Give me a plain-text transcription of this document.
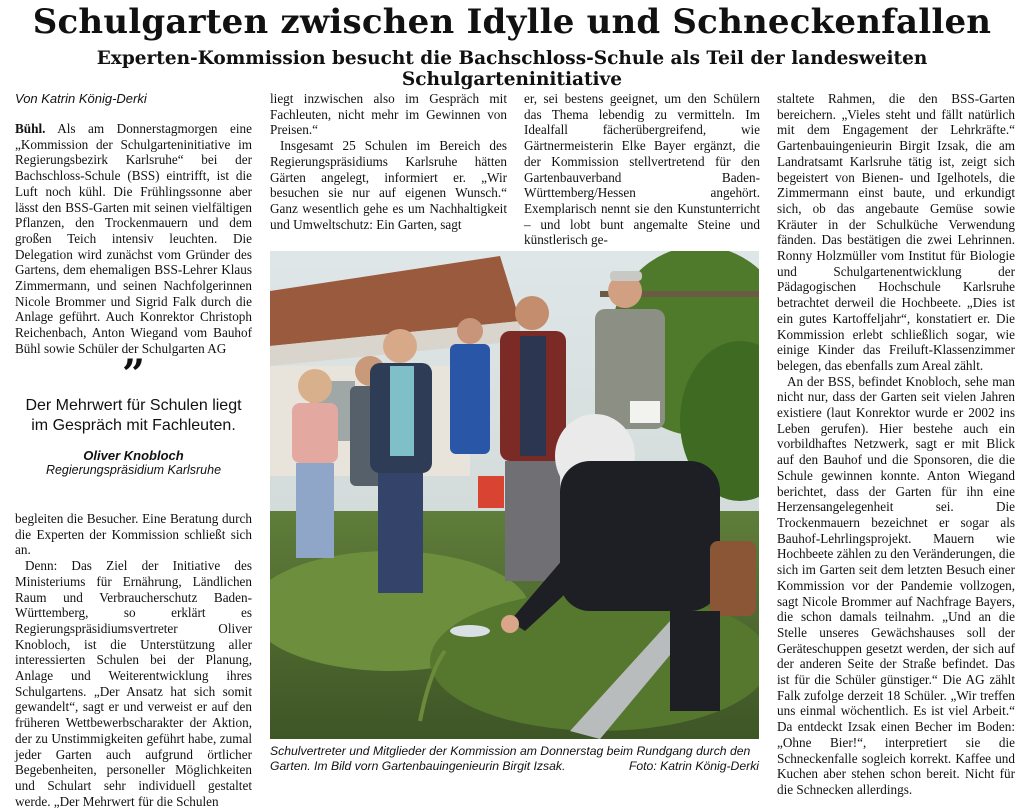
Schulgarten zwischen Idylle und Schneckenfallen
Experten-Kommission besucht die Bachschloss-Schule als Teil der landesweiten Schulgarteninitiative
Von Katrin König-Derki

Bühl. Als am Donnerstagmorgen eine „Kommission der Schulgarteninitiative im Regierungsbezirk Karlsruhe“ bei der Bachschloss-Schule (BSS) eintrifft, ist die Luft noch kühl. Die Frühlingssonne aber lässt den BSS-Garten mit seinen vielfältigen Pflanzen, den Trockenmauern und dem großen Teich intensiv leuchten. Die Delegation wird zunächst vom Gründer des Gartens, dem ehemaligen BSS-Lehrer Klaus Zimmermann, und seinen Nachfolgerinnen Nicole Brommer und Sigrid Falk durch die Anlage geführt. Auch Konrektor Christoph Reichenbach, Anton Wiegand vom Bauhof Bühl sowie Schüler der Schulgarten AG

”
Der Mehrwert für Schulen liegt im Gespräch mit Fachleuten.
Oliver Knobloch
Regierungspräsidium Karlsruhe

begleiten die Besucher. Eine Beratung durch die Experten der Kommission schließt sich an.

Denn: Das Ziel der Initiative des Ministeriums für Ernährung, Ländlichen Raum und Verbraucherschutz Baden-Württemberg, so erklärt es Regierungspräsidiumsvertreter Oliver Knobloch, ist die Unterstützung aller interessierten Schulen bei der Planung, Anlage und Weiterentwicklung ihres Schulgartens. „Der Ansatz hat sich somit gewandelt“, sagt er und verweist er auf den früheren Wettbewerbscharakter der Aktion, der zu Unstimmigkeiten geführt habe, zumal jeder Garten auch aufgrund örtlicher Begebenheiten, personeller Möglichkeiten und Schulart sehr individuell gestaltet werde. „Der Mehrwert für die Schulen

liegt inzwischen also im Gespräch mit Fachleuten, nicht mehr im Gewinnen von Preisen.“

Insgesamt 25 Schulen im Bereich des Regierungspräsidiums Karlsruhe hätten Gärten angelegt, informiert er. „Wir besuchen sie nur auf eigenen Wunsch.“ Ganz wesentlich gehe es um Nachhaltigkeit und Umweltschutz: Ein Garten, sagt

er, sei bestens geeignet, um den Schülern das Thema lebendig zu vermitteln. Im Idealfall fächerübergreifend, wie Gärtnermeisterin Elke Bayer ergänzt, die der Kommission stellvertretend für den Gartenbauverband Baden-Württemberg/Hessen angehört. Exemplarisch nennt sie den Kunstunterricht – und lobt bunt angemalte Steine und künstlerisch ge-

staltete Rahmen, die den BSS-Garten bereichern. „Vieles steht und fällt natürlich mit dem Engagement der Lehrkräfte.“ Gartenbauingenieurin Birgit Izsak, die am Landratsamt Karlsruhe tätig ist, zeigt sich begeistert von Bienen- und Igelhotels, die Zimmermann einst baute, und erkundigt sich, ob das angebaute Gemüse sowie Kräuter in der Schulküche Verwendung fänden. Das bestätigen die zwei Lehrinnen. Ronny Holzmüller vom Institut für Biologie und Schulgartenentwicklung der Pädagogischen Hochschule Karlsruhe betrachtet derweil die Hochbeete. „Dies ist ein gutes Kartoffeljahr“, konstatiert er. Die Kommission erlebt schließlich sogar, wie einige Kinder das Freiluft-Klassenzimmer belegen, das ebenfalls zum Areal zählt.

An der BSS, befindet Knobloch, sehe man nicht nur, dass der Garten seit vielen Jahren existiere (laut Konrektor wurde er 2002 ins Leben gerufen). Hier bestehe auch ein vorbildhaftes Netzwerk, sagt er mit Blick auf den Bauhof und die Sponsoren, die die Schule gewinnen konnte. Anton Wiegand berichtet, dass der Garten für ihn eine Herzensangelegenheit sei. Die Trockenmauern bezeichnet er sogar als Bauhof-Lehrlingsprojekt. Mauern wie Hochbeete zählen zu den Veränderungen, die sich im Garten seit dem letzten Besuch einer Kommission vor der Pandemie vollzogen, sagt Nicole Brommer auf Nachfrage Bayers, die schon damals teilnahm. „Und an die Stelle unseres Gewächshauses soll der Geräteschuppen gesetzt werden, der sich auf der anderen Seite der Straße befindet. Das ist für die Schüler günstiger.“ Die AG zählt Falk zufolge derzeit 18 Schüler. „Wir treffen uns einmal wöchentlich. Es ist viel Arbeit.“ Da entdeckt Izsak einen Becher im Boden: „Ohne Bier!“, interpretiert sie die Schneckenfalle sogleich korrekt. Kaffee und Kuchen aber stehen schon bereit. Nicht für die Schnecken allerdings.

Schulvertreter und Mitglieder der Kommission am Donnerstag beim Rundgang durch den Garten. Im Bild vorn Gartenbauingenieurin Birgit Izsak.	Foto: Katrin König-Derki
